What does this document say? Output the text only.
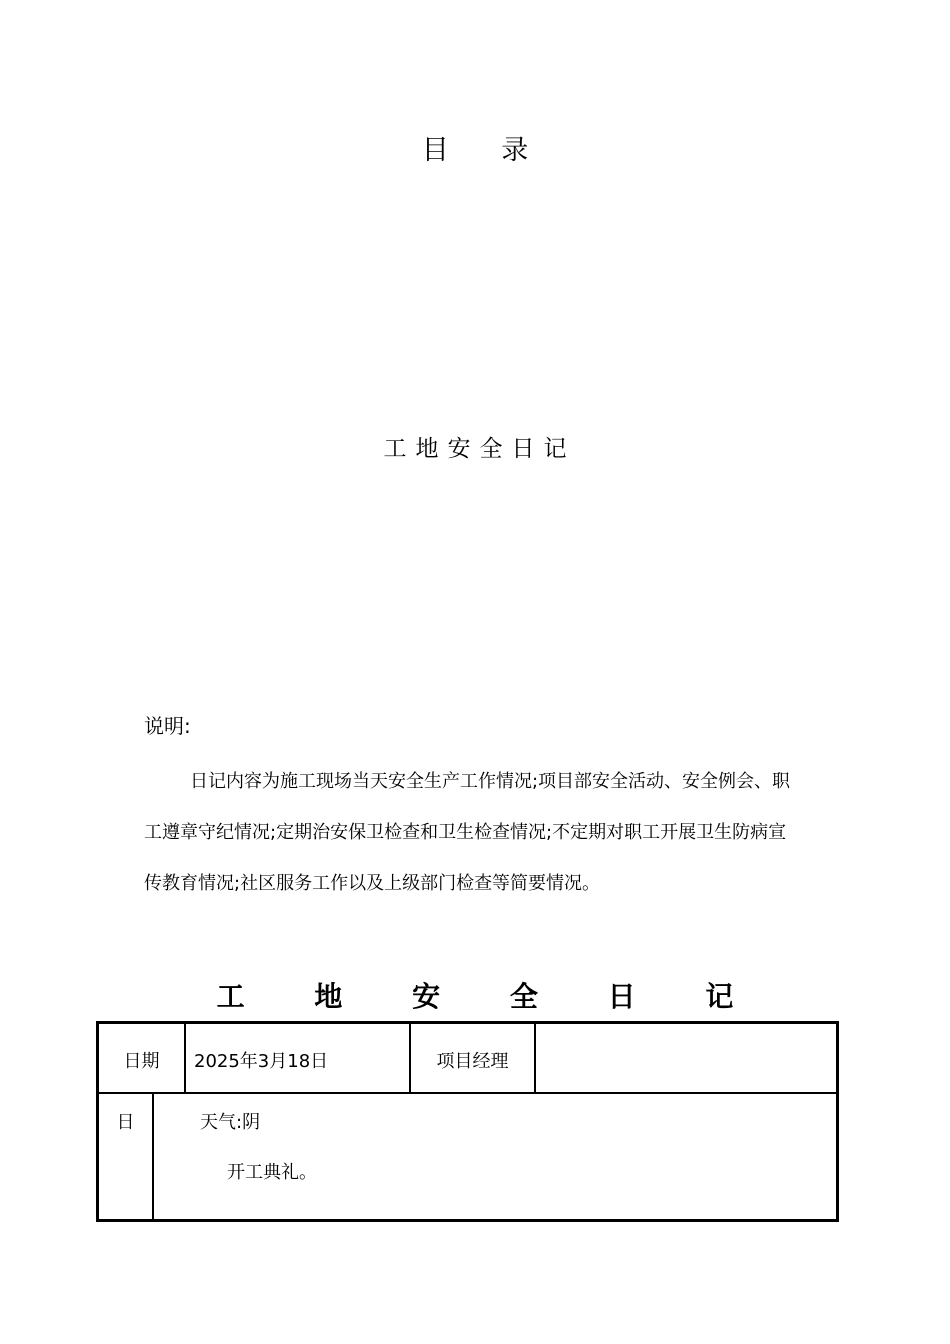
目 录
工地安全日记
说明:

日记内容为施工现场当天安全生产工作情况;项目部安全活动、安全例会、职工遵章守纪情况;定期治安保卫检查和卫生检查情况;不定期对职工开展卫生防病宣传教育情况;社区服务工作以及上级部门检查等简要情况。

工 地 安 全 日 记
日期	2025年3月18日	项目经理
日	天气:阴
开工典礼。
